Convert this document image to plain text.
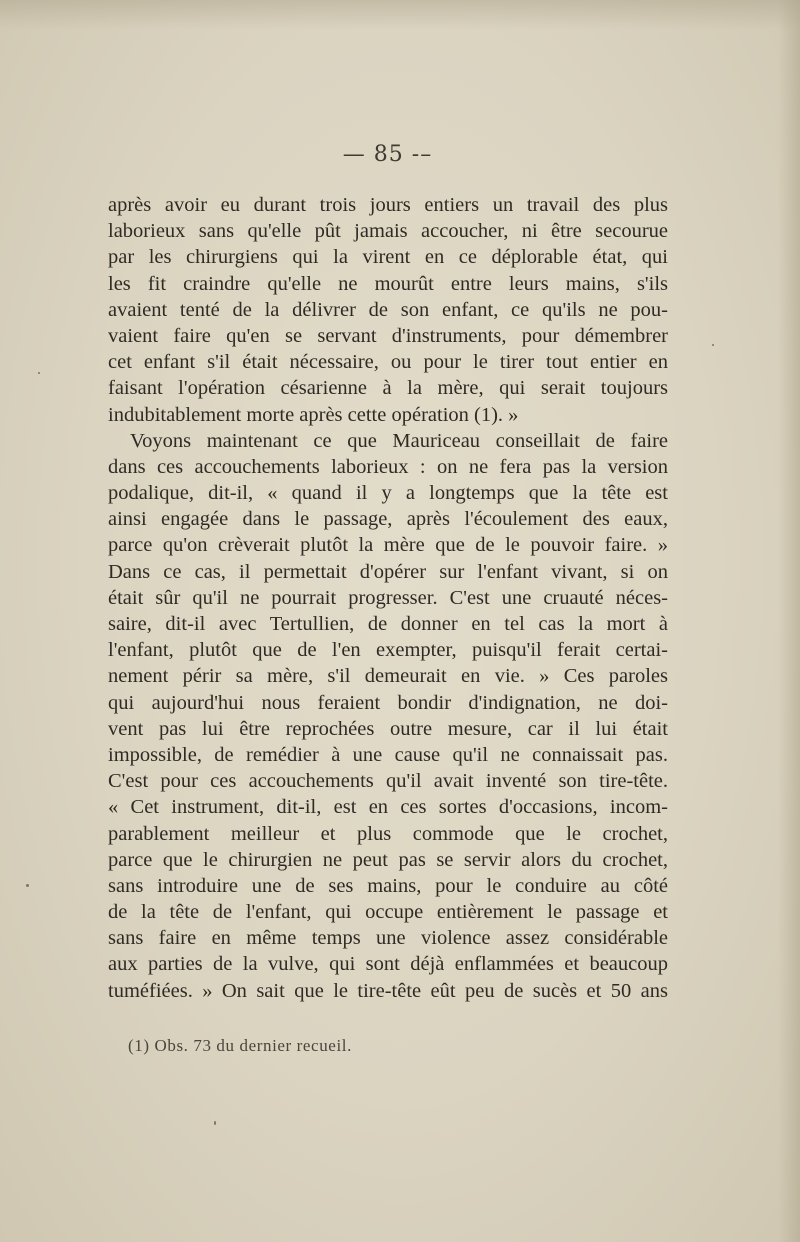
— 85 -–
après avoir eu durant trois jours entiers un travail des plus
laborieux sans qu'elle pût jamais accoucher, ni être secourue
par les chirurgiens qui la virent en ce déplorable état, qui
les fit craindre qu'elle ne mourût entre leurs mains, s'ils
avaient tenté de la délivrer de son enfant, ce qu'ils ne pou-
vaient faire qu'en se servant d'instruments, pour démembrer
cet enfant s'il était nécessaire, ou pour le tirer tout entier en
faisant l'opération césarienne à la mère, qui serait toujours
indubitablement morte après cette opération (1). »
Voyons maintenant ce que Mauriceau conseillait de faire
dans ces accouchements laborieux : on ne fera pas la version
podalique, dit-il, « quand il y a longtemps que la tête est
ainsi engagée dans le passage, après l'écoulement des eaux,
parce qu'on crèverait plutôt la mère que de le pouvoir faire. »
Dans ce cas, il permettait d'opérer sur l'enfant vivant, si on
était sûr qu'il ne pourrait progresser. C'est une cruauté néces-
saire, dit-il avec Tertullien, de donner en tel cas la mort à
l'enfant, plutôt que de l'en exempter, puisqu'il ferait certai-
nement périr sa mère, s'il demeurait en vie. » Ces paroles
qui aujourd'hui nous feraient bondir d'indignation, ne doi-
vent pas lui être reprochées outre mesure, car il lui était
impossible, de remédier à une cause qu'il ne connaissait pas.
C'est pour ces accouchements qu'il avait inventé son tire-tête.
« Cet instrument, dit-il, est en ces sortes d'occasions, incom-
parablement meilleur et plus commode que le crochet,
parce que le chirurgien ne peut pas se servir alors du crochet,
sans introduire une de ses mains, pour le conduire au côté
de la tête de l'enfant, qui occupe entièrement le passage et
sans faire en même temps une violence assez considérable
aux parties de la vulve, qui sont déjà enflammées et beaucoup
tuméfiées. » On sait que le tire-tête eût peu de sucès et 50 ans
(1) Obs. 73 du dernier recueil.
